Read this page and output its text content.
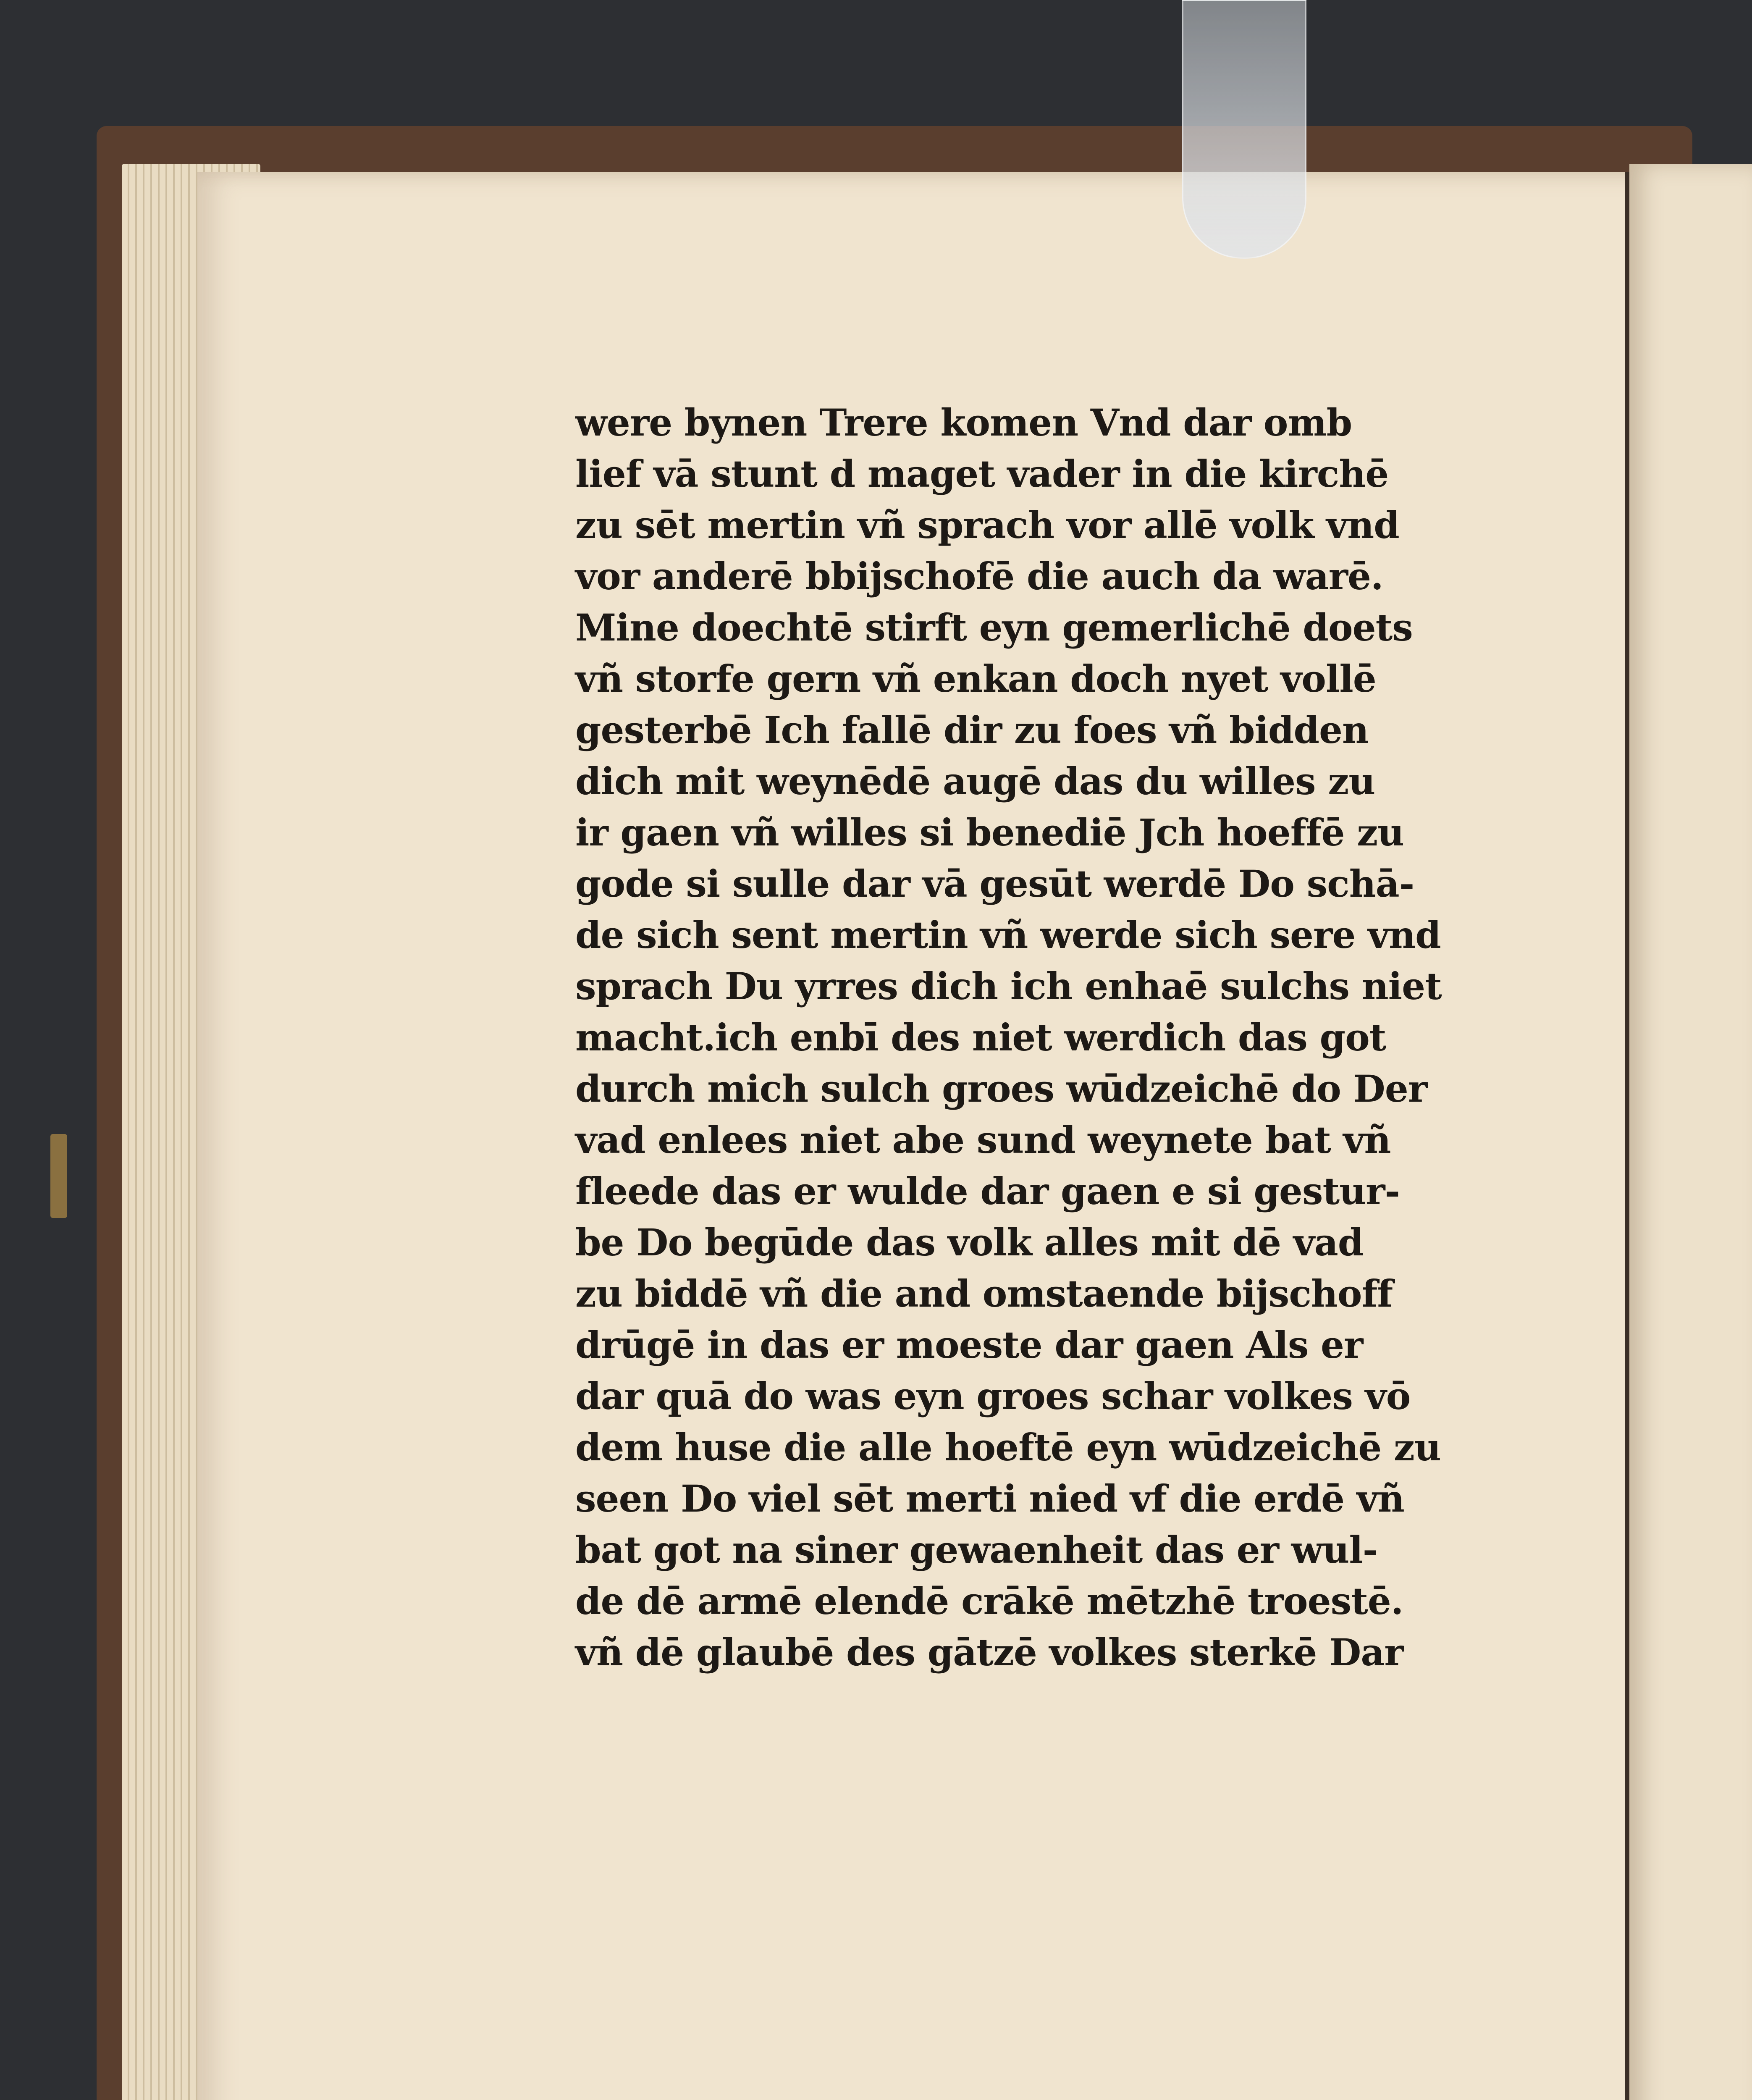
were bynen Trere komen Vnd dar omb
lief vā stunt d maget vader in die kirchē
zu sēt mertin vñ sprach vor allē volk vnd
vor anderē bbijschofē die auch da warē.
Mine doechtē stirft eyn gemerlichē doets
vñ storfe gern vñ enkan doch nyet vollē
gesterbē Ich fallē dir zu foes vñ bidden
dich mit weynēdē augē das du willes zu
ir gaen vñ willes si benediē Jch hoeffē zu
gode si sulle dar vā gesūt werdē Do schā-
de sich sent mertin vñ werde sich sere vnd
sprach Du yrres dich ich enhaē sulchs niet
macht.ich enbī des niet werdich das got
durch mich sulch groes wūdzeichē do Der
vad enlees niet abe sund weynete bat vñ
fleede das er wulde dar gaen e si gestur-
be Do begūde das volk alles mit dē vad
zu biddē vñ die and omstaende bijschoff
drūgē in das er moeste dar gaen Als er
dar quā do was eyn groes schar volkes vō
dem huse die alle hoeftē eyn wūdzeichē zu
seen Do viel sēt merti nied vf die erdē vñ
bat got na siner gewaenheit das er wul-
de dē armē elendē crākē mētzhē troestē.
vñ dē glaubē des gātzē volkes sterkē Dar
